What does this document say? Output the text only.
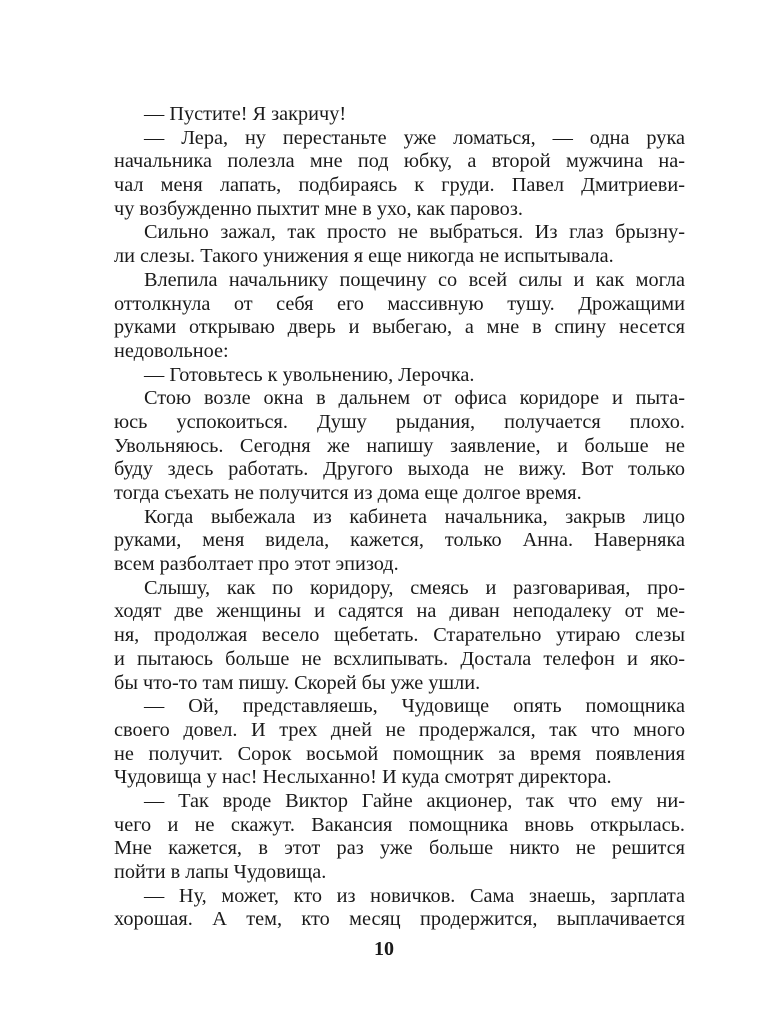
— Пустите! Я закричу!
— Лера, ну перестаньте уже ломаться, — одна рука
начальника полезла мне под юбку, а второй мужчина на-
чал меня лапать, подбираясь к груди. Павел Дмитриеви-
чу возбужденно пыхтит мне в ухо, как паровоз.
Сильно зажал, так просто не выбраться. Из глаз брызну-
ли слезы. Такого унижения я еще никогда не испытывала.
Влепила начальнику пощечину со всей силы и как могла
оттолкнула от себя его массивную тушу. Дрожащими
руками открываю дверь и выбегаю, а мне в спину несется
недовольное:
— Готовьтесь к увольнению, Лерочка.
Стою возле окна в дальнем от офиса коридоре и пыта-
юсь успокоиться. Душу рыдания, получается плохо.
Увольняюсь. Сегодня же напишу заявление, и больше не
буду здесь работать. Другого выхода не вижу. Вот только
тогда съехать не получится из дома еще долгое время.
Когда выбежала из кабинета начальника, закрыв лицо
руками, меня видела, кажется, только Анна. Наверняка
всем разболтает про этот эпизод.
Слышу, как по коридору, смеясь и разговаривая, про-
ходят две женщины и садятся на диван неподалеку от ме-
ня, продолжая весело щебетать. Старательно утираю слезы
и пытаюсь больше не всхлипывать. Достала телефон и яко-
бы что-то там пишу. Скорей бы уже ушли.
— Ой, представляешь, Чудовище опять помощника
своего довел. И трех дней не продержался, так что много
не получит. Сорок восьмой помощник за время появления
Чудовища у нас! Неслыханно! И куда смотрят директора.
— Так вроде Виктор Гайне акционер, так что ему ни-
чего и не скажут. Вакансия помощника вновь открылась.
Мне кажется, в этот раз уже больше никто не решится
пойти в лапы Чудовища.
— Ну, может, кто из новичков. Сама знаешь, зарплата
хорошая. А тем, кто месяц продержится, выплачивается
10
